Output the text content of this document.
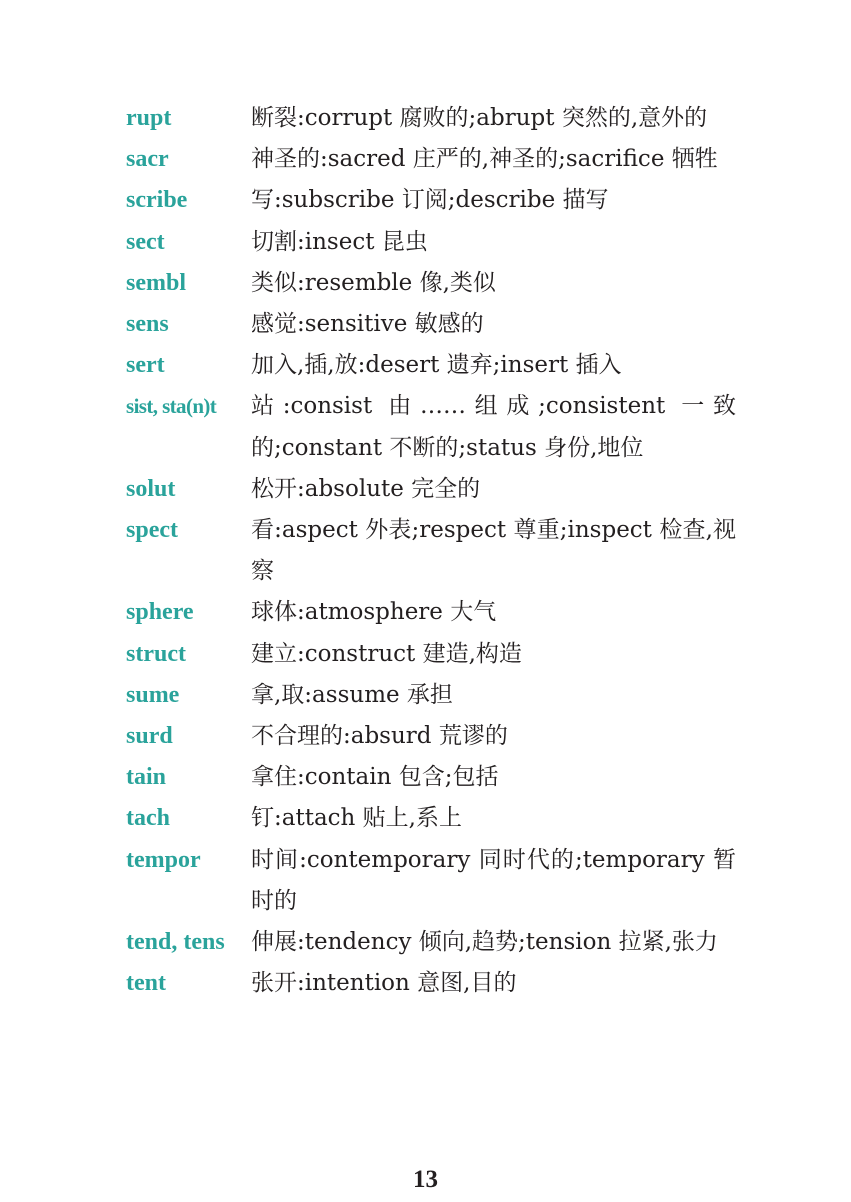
rupt	断裂:corrupt 腐败的;abrupt 突然的,意外的
sacr	神圣的:sacred 庄严的,神圣的;sacrifice 牺牲
scribe	写:subscribe 订阅;describe 描写
sect	切割:insect 昆虫
sembl	类似:resemble 像,类似
sens	感觉:sensitive 敏感的
sert	加入,插,放:desert 遗弃;insert 插入
sist, sta(n)t	站:consist 由……组成;consistent 一致的;constant 不断的;status 身份,地位
solut	松开:absolute 完全的
spect	看:aspect 外表;respect 尊重;inspect 检查,视察
sphere	球体:atmosphere 大气
struct	建立:construct 建造,构造
sume	拿,取:assume 承担
surd	不合理的:absurd 荒谬的
tain	拿住:contain 包含;包括
tach	钉:attach 贴上,系上
tempor	时间:contemporary 同时代的;temporary 暂时的
tend, tens	伸展:tendency 倾向,趋势;tension 拉紧,张力
tent	张开:intention 意图,目的
13
